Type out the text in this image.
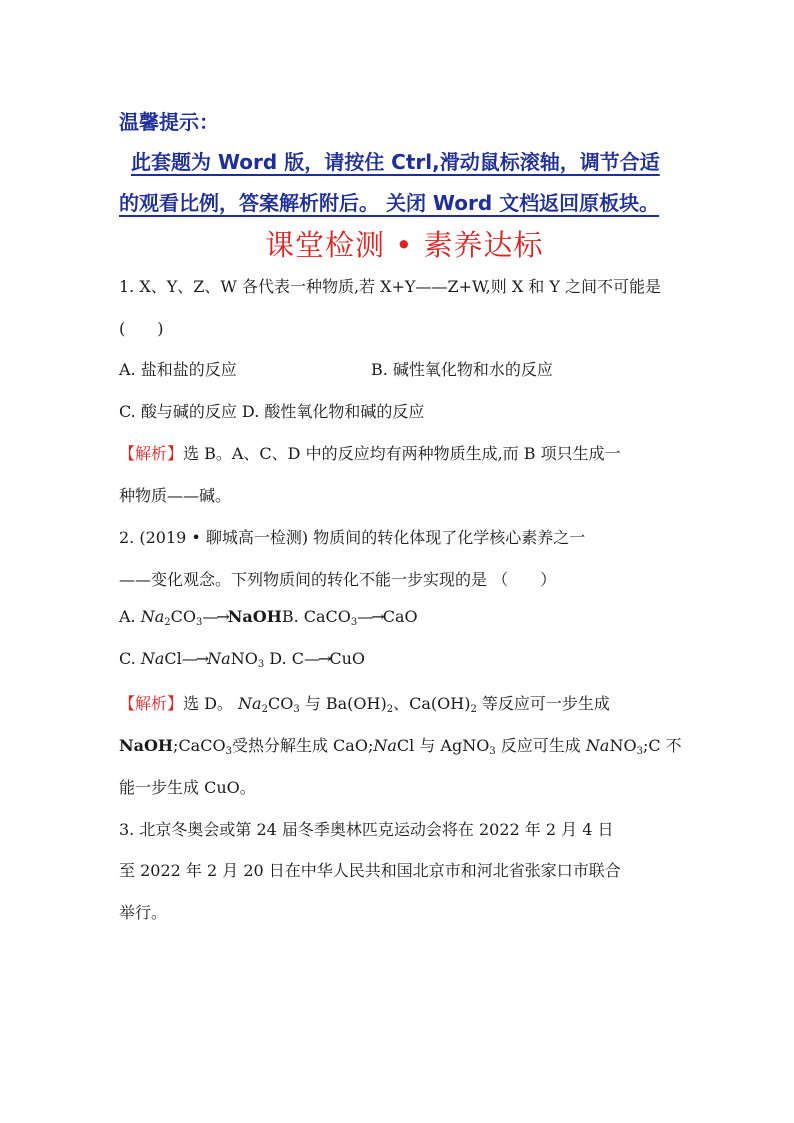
温馨提示：
此套题为 Word 版，请按住 Ctrl,滑动鼠标滚轴，调节合适
的观看比例，答案解析附后。 关闭 Word 文档返回原板块。
课堂检测 • 素养达标
1. X、Y、Z、W 各代表一种物质,若 X+Y——Z+W,则 X 和 Y 之间不可能是
(　　)
A. 盐和盐的反应	B. 碱性氧化物和水的反应
C. 酸与碱的反应 D. 酸性氧化物和碱的反应
【解析】选 B。A、C、D 中的反应均有两种物质生成,而 B 项只生成一
种物质——碱。
2. (2019 • 聊城高一检测) 物质间的转化体现了化学核心素养之一
——变化观念。下列物质间的转化不能一步实现的是 （　　）
A. $Na_2CO_3—\to NaOHB$. CaCO$_3$—→CaO
C. NaCl—→NaNO$_3$ D. C—→CuO
【解析】选 D。 $Na_2CO_3$ 与 $Ba(OH)_2$、$Ca(OH)_2$ 等反应可一步生成
NaOH;CaCO$_3$受热分解生成 CaO;NaCl 与 AgNO$_3$ 反应可生成 NaNO$_3$;C 不
能一步生成 CuO。
3. 北京冬奥会或第 24 届冬季奥林匹克运动会将在 2022 年 2 月 4 日
至 2022 年 2 月 20 日在中华人民共和国北京市和河北省张家口市联合
举行。
